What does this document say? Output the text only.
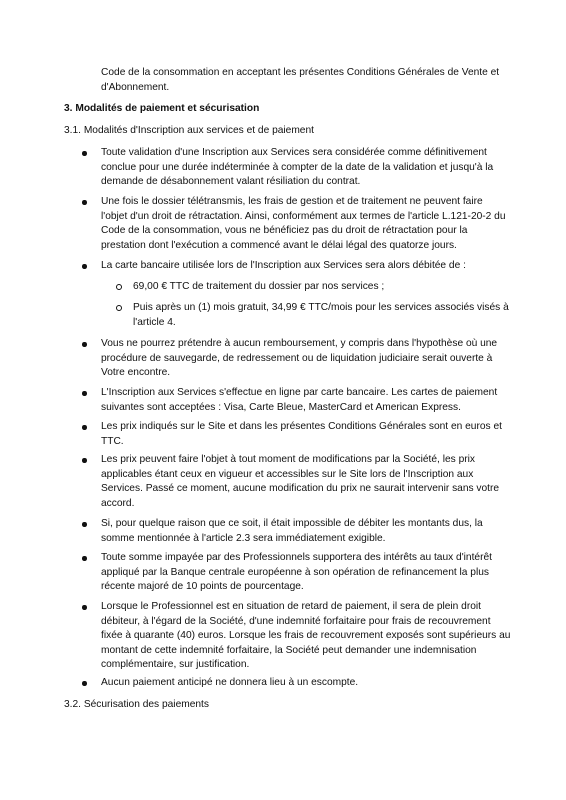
Code de la consommation en acceptant les présentes Conditions Générales de Vente et d'Abonnement.
3. Modalités de paiement et sécurisation
3.1. Modalités d'Inscription aux services et de paiement
Toute validation d'une Inscription aux Services sera considérée comme définitivement conclue pour une durée indéterminée à compter de la date de la validation et jusqu'à la demande de désabonnement valant résiliation du contrat.
Une fois le dossier télétransmis, les frais de gestion et de traitement ne peuvent faire l'objet d'un droit de rétractation. Ainsi, conformément aux termes de l'article L.121-20-2 du Code de la consommation, vous ne bénéficiez pas du droit de rétractation pour la prestation dont l'exécution a commencé avant le délai légal des quatorze jours.
La carte bancaire utilisée lors de l'Inscription aux Services sera alors débitée de :
69,00 € TTC de traitement du dossier par nos services ;
Puis après un (1) mois gratuit, 34,99 € TTC/mois pour les services associés visés à l'article 4.
Vous ne pourrez prétendre à aucun remboursement, y compris dans l'hypothèse où une procédure de sauvegarde, de redressement ou de liquidation judiciaire serait ouverte à Votre encontre.
L'Inscription aux Services s'effectue en ligne par carte bancaire. Les cartes de paiement suivantes sont acceptées : Visa, Carte Bleue, MasterCard et American Express.
Les prix indiqués sur le Site et dans les présentes Conditions Générales sont en euros et TTC.
Les prix peuvent faire l'objet à tout moment de modifications par la Société, les prix applicables étant ceux en vigueur et accessibles sur le Site lors de l'Inscription aux Services. Passé ce moment, aucune modification du prix ne saurait intervenir sans votre accord.
Si, pour quelque raison que ce soit, il était impossible de débiter les montants dus, la somme mentionnée à l'article 2.3 sera immédiatement exigible.
Toute somme impayée par des Professionnels supportera des intérêts au taux d'intérêt appliqué par la Banque centrale européenne à son opération de refinancement la plus récente majoré de 10 points de pourcentage.
Lorsque le Professionnel est en situation de retard de paiement, il sera de plein droit débiteur, à l'égard de la Société, d'une indemnité forfaitaire pour frais de recouvrement fixée à quarante (40) euros. Lorsque les frais de recouvrement exposés sont supérieurs au montant de cette indemnité forfaitaire, la Société peut demander une indemnisation complémentaire, sur justification.
Aucun paiement anticipé ne donnera lieu à un escompte.
3.2. Sécurisation des paiements
